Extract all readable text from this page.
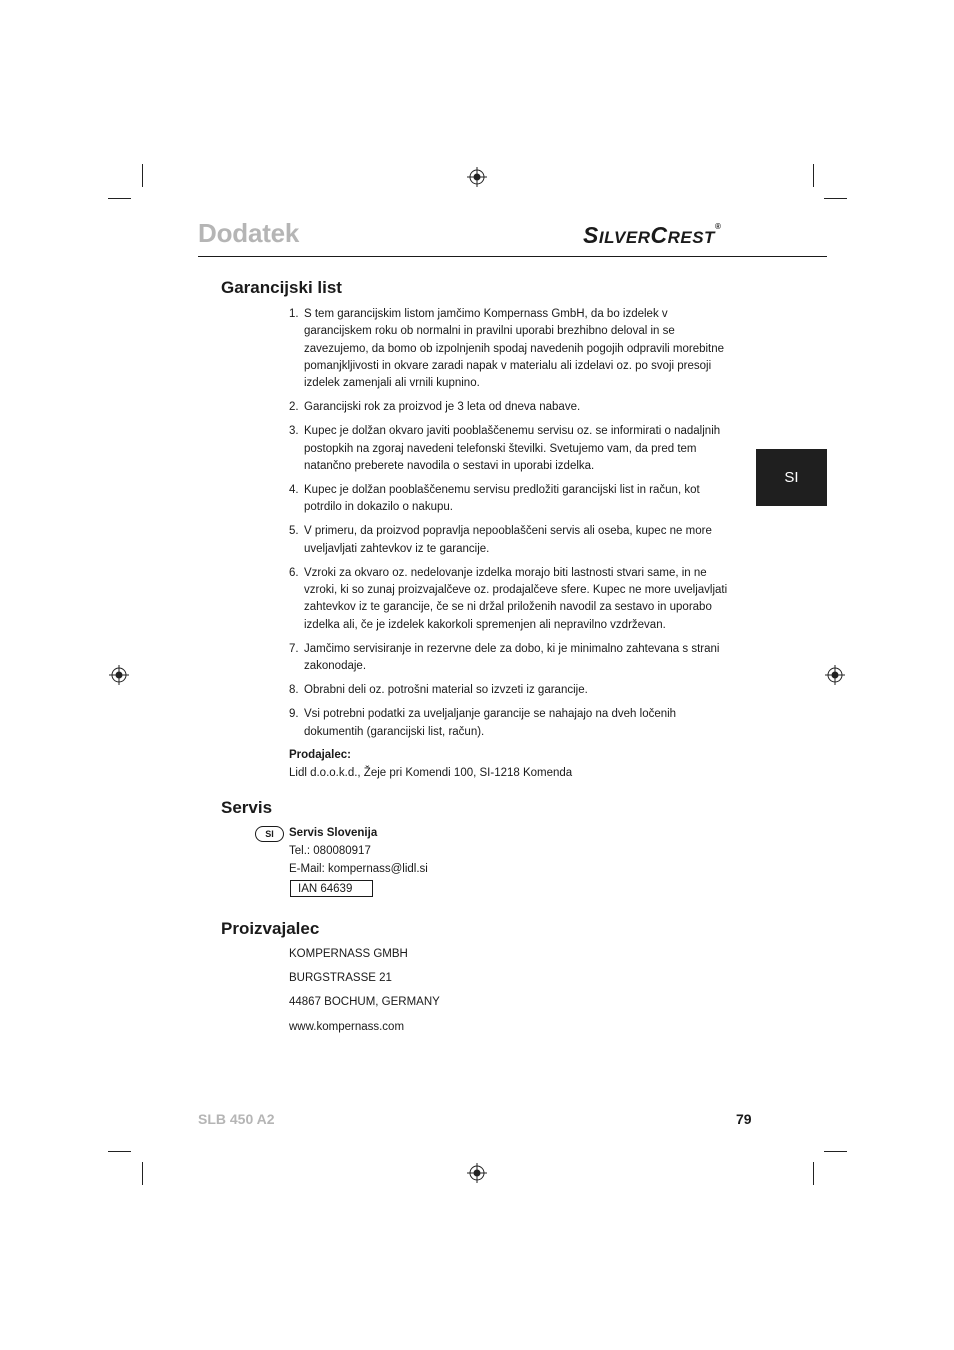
Dodatek	SILVERCREST®
SI
Garancijski list
1. S tem garancijskim listom jamčimo Kompernass GmbH, da bo izdelek v garancijskem roku ob normalni in pravilni uporabi brezhibno deloval in se zavezujemo, da bomo ob izpolnjenih spodaj navedenih pogojih odpravili morebitne pomanjkljivosti in okvare zaradi napak v materialu ali izdelavi oz. po svoji presoji izdelek zamenjali ali vrnili kupnino.
2. Garancijski rok za proizvod je 3 leta od dneva nabave.
3. Kupec je dolžan okvaro javiti pooblaščenemu servisu oz. se informirati o nadaljnih postopkih na zgoraj navedeni telefonski številki. Svetujemo vam, da pred tem natančno preberete navodila o sestavi in uporabi izdelka.
4. Kupec je dolžan pooblaščenemu servisu predložiti garancijski list in račun, kot potrdilo in dokazilo o nakupu.
5. V primeru, da proizvod popravlja nepooblaščeni servis ali oseba, kupec ne more uveljavljati zahtevkov iz te garancije.
6. Vzroki za okvaro oz. nedelovanje izdelka morajo biti lastnosti stvari same, in ne vzroki, ki so zunaj proizvajalčeve oz. prodajalčeve sfere. Kupec ne more uveljavljati zahtevkov iz te garancije, če se ni držal priloženih navodil za sestavo in uporabo izdelka ali, če je izdelek kakorkoli spremenjen ali nepravilno vzdrževan.
7. Jamčimo servisiranje in rezervne dele za dobo, ki je minimalno zahtevana s strani zakonodaje.
8. Obrabni deli oz. potrošni material so izvzeti iz garancije.
9. Vsi potrebni podatki za uveljaljanje garancije se nahajajo na dveh ločenih dokumentih (garancijski list, račun).
Prodajalec:
Lidl d.o.o.k.d., Žeje pri Komendi 100, SI-1218 Komenda
Servis
SI	Servis Slovenija
Tel.: 080080917
E-Mail: kompernass@lidl.si
IAN 64639
Proizvajalec
KOMPERNASS GMBH
BURGSTRASSE 21
44867 BOCHUM, GERMANY
www.kompernass.com
SLB 450 A2	79
